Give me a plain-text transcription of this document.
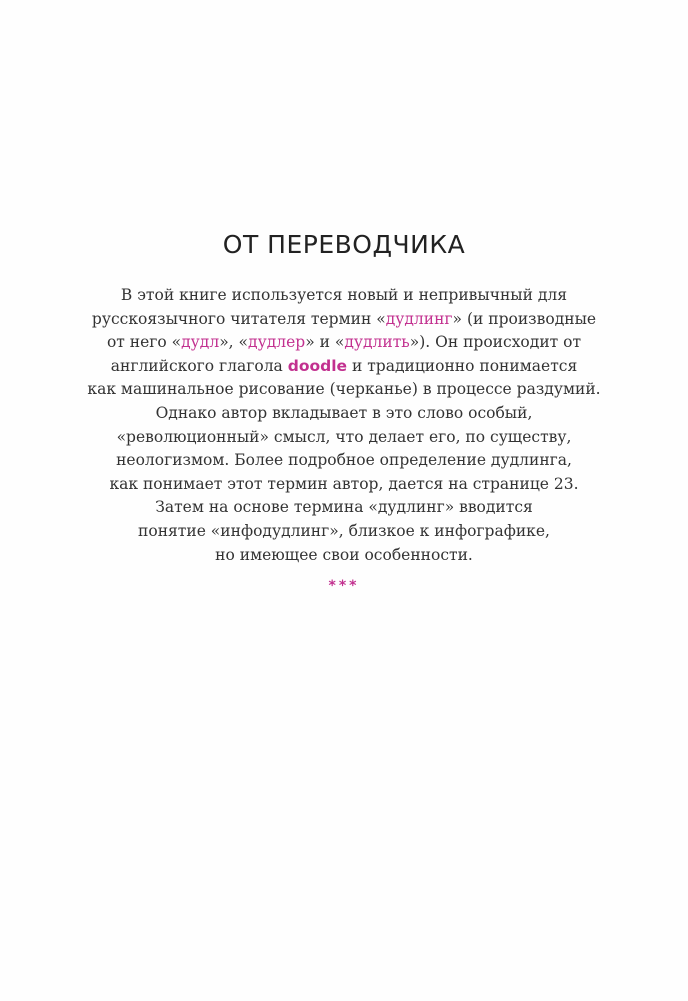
ОТ ПЕРЕВОДЧИКА
В этой книге используется новый и непривычный для
русскоязычного читателя термин «дудлинг» (и производные
от него «дудл», «дудлер» и «дудлить»). Он происходит от
английского глагола doodle и традиционно понимается
как машинальное рисование (черканье) в процессе раздумий.
Однако автор вкладывает в это слово особый,
«революционный» смысл, что делает его, по существу,
неологизмом. Более подробное определение дудлинга,
как понимает этот термин автор, дается на странице 23.
Затем на основе термина «дудлинг» вводится
понятие «инфодудлинг», близкое к инфографике,
но имеющее свои особенности.
***
